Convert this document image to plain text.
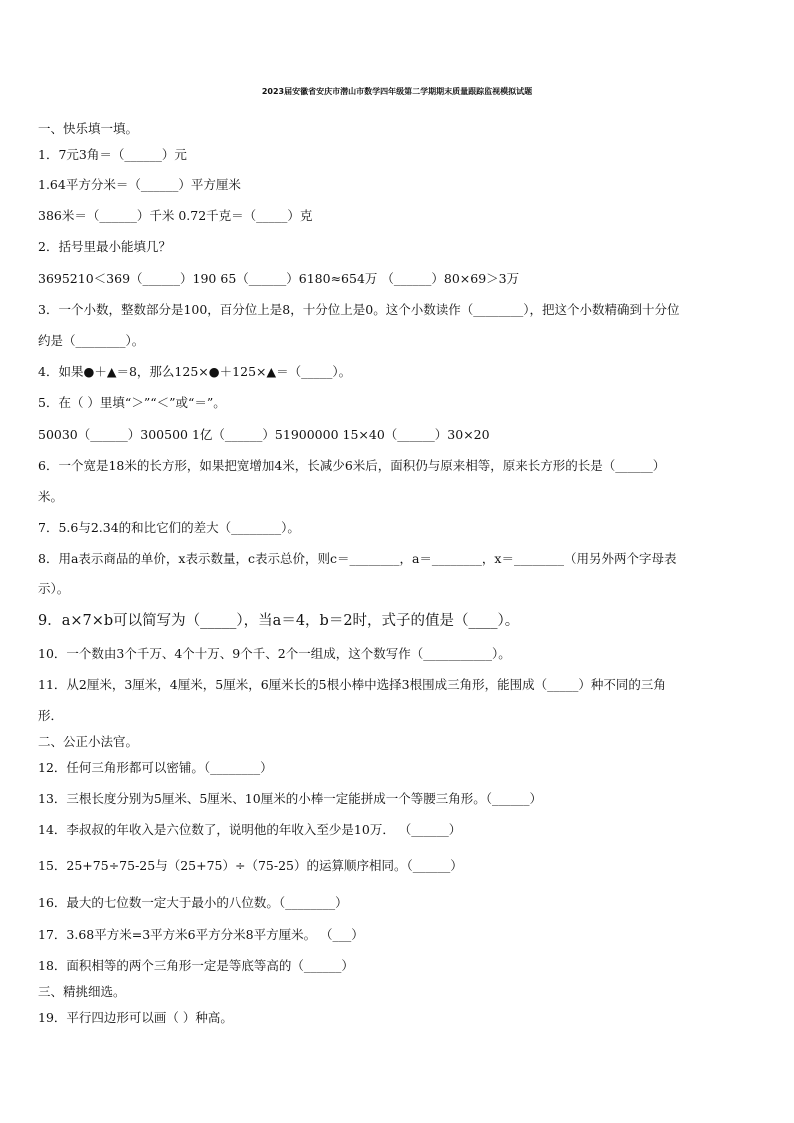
2023届安徽省安庆市潜山市数学四年级第二学期期末质量跟踪监视模拟试题
一、快乐填一填。
1．7元3角＝（______）元
1.64平方分米＝（______）平方厘米
386米＝（______）千米 0.72千克＝（_____）克
2．括号里最小能填几？
3695210＜369（______）190 65（______）6180≈654万 （______）80×69＞3万
3．一个小数，整数部分是100，百分位上是8，十分位上是0。这个小数读作（________），把这个小数精确到十分位
约是（________）。
4．如果●＋▲＝8，那么125×●＋125×▲＝（_____）。
5．在（ ）里填“＞”“＜”或“＝”。
50030（______）300500 1亿（______）51900000 15×40（______）30×20
6．一个宽是18米的长方形，如果把宽增加4米，长减少6米后，面积仍与原来相等，原来长方形的长是（______）
米。
7．5.6与2.34的和比它们的差大（________）。
8．用a表示商品的单价，x表示数量，c表示总价，则c＝________，a＝________，x＝________（用另外两个字母表
示）。
9．a×7×b可以简写为（_____），当a＝4，b＝2时，式子的值是（____）。
10．一个数由3个千万、4个十万、9个千、2个一组成，这个数写作（___________）。
11．从2厘米，3厘米，4厘米，5厘米，6厘米长的5根小棒中选择3根围成三角形，能围成（_____）种不同的三角
形．
二、公正小法官。
12．任何三角形都可以密铺。（________）
13．三根长度分别为5厘米、5厘米、10厘米的小棒一定能拼成一个等腰三角形。（______）
14．李叔叔的年收入是六位数了，说明他的年收入至少是10万． （______）
15．25+75÷75-25与（25+75）÷（75-25）的运算顺序相同。（______）
16．最大的七位数一定大于最小的八位数。（________）
17．3.68平方米=3平方米6平方分米8平方厘米。 （___）
18．面积相等的两个三角形一定是等底等高的（______）
三、精挑细选。
19．平行四边形可以画（ ）种高。
